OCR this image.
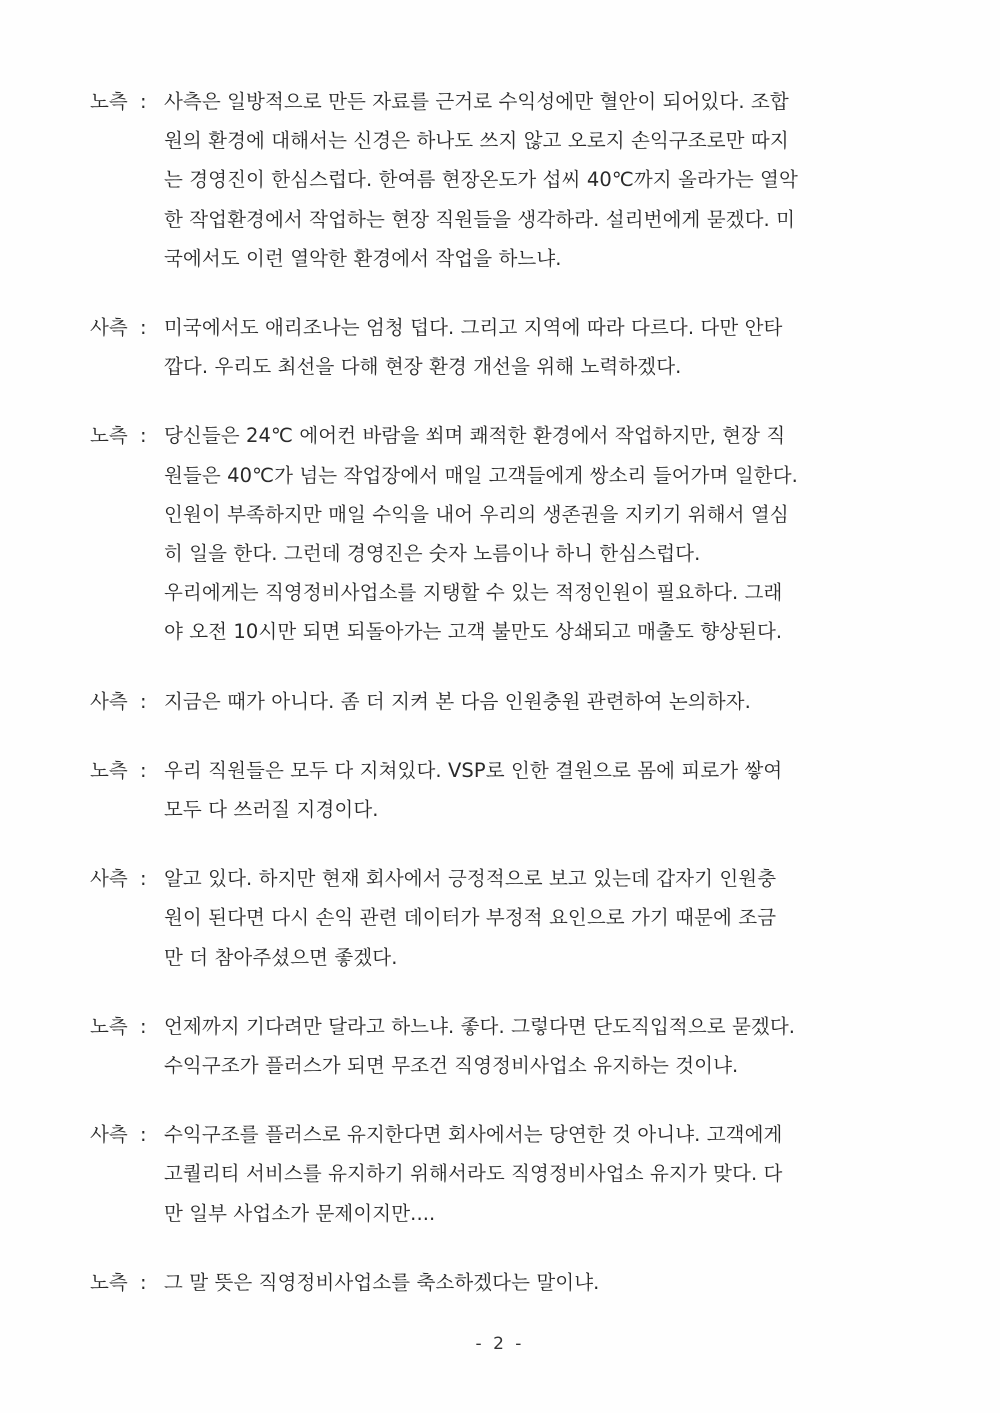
노측 : 사측은 일방적으로 만든 자료를 근거로 수익성에만 혈안이 되어있다. 조합
원의 환경에 대해서는 신경은 하나도 쓰지 않고 오로지 손익구조로만 따지
는 경영진이 한심스럽다. 한여름 현장온도가 섭씨 40℃까지 올라가는 열악
한 작업환경에서 작업하는 현장 직원들을 생각하라. 설리번에게 묻겠다. 미
국에서도 이런 열악한 환경에서 작업을 하느냐.
사측 : 미국에서도 애리조나는 엄청 덥다. 그리고 지역에 따라 다르다. 다만 안타
깝다. 우리도 최선을 다해 현장 환경 개선을 위해 노력하겠다.
노측 : 당신들은 24℃ 에어컨 바람을 쐬며 쾌적한 환경에서 작업하지만, 현장 직
원들은 40℃가 넘는 작업장에서 매일 고객들에게 쌍소리 들어가며 일한다.
인원이 부족하지만 매일 수익을 내어 우리의 생존권을 지키기 위해서 열심
히 일을 한다. 그런데 경영진은 숫자 노름이나 하니 한심스럽다.
우리에게는 직영정비사업소를 지탱할 수 있는 적정인원이 필요하다. 그래
야 오전 10시만 되면 되돌아가는 고객 불만도 상쇄되고 매출도 향상된다.
사측 : 지금은 때가 아니다. 좀 더 지켜 본 다음 인원충원 관련하여 논의하자.
노측 : 우리 직원들은 모두 다 지쳐있다. VSP로 인한 결원으로 몸에 피로가 쌓여
모두 다 쓰러질 지경이다.
사측 : 알고 있다. 하지만 현재 회사에서 긍정적으로 보고 있는데 갑자기 인원충
원이 된다면 다시 손익 관련 데이터가 부정적 요인으로 가기 때문에 조금
만 더 참아주셨으면 좋겠다.
노측 : 언제까지 기다려만 달라고 하느냐. 좋다. 그렇다면 단도직입적으로 묻겠다.
수익구조가 플러스가 되면 무조건 직영정비사업소 유지하는 것이냐.
사측 : 수익구조를 플러스로 유지한다면 회사에서는 당연한 것 아니냐. 고객에게
고퀄리티 서비스를 유지하기 위해서라도 직영정비사업소 유지가 맞다. 다
만 일부 사업소가 문제이지만....
노측 : 그 말 뜻은 직영정비사업소를 축소하겠다는 말이냐.
- 2 -
